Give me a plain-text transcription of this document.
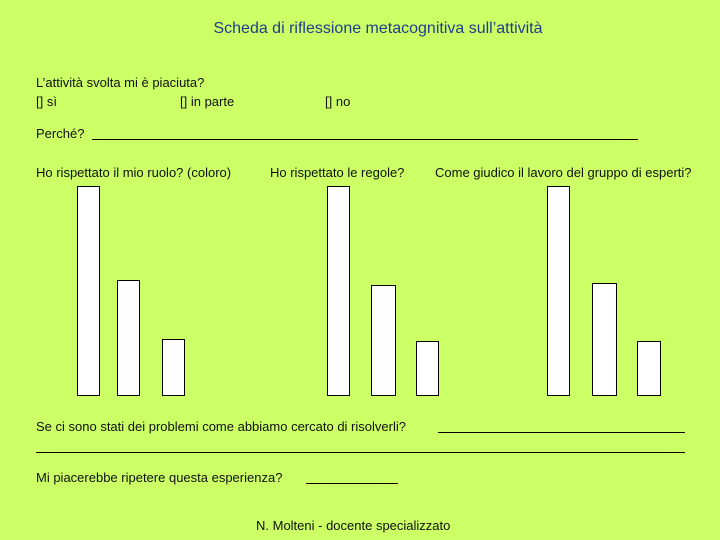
Scheda di riflessione metacognitiva sull’attività
L’attività svolta mi è piaciuta?
[] sì	[] in parte	[] no
Perché?
Ho rispettato il mio ruolo? (coloro)	Ho rispettato le regole? Come giudico il lavoro del gruppo di esperti?
Se ci sono stati dei problemi come abbiamo cercato di risolverli?
Mi piacerebbe ripetere questa esperienza?
N. Molteni - docente specializzato
